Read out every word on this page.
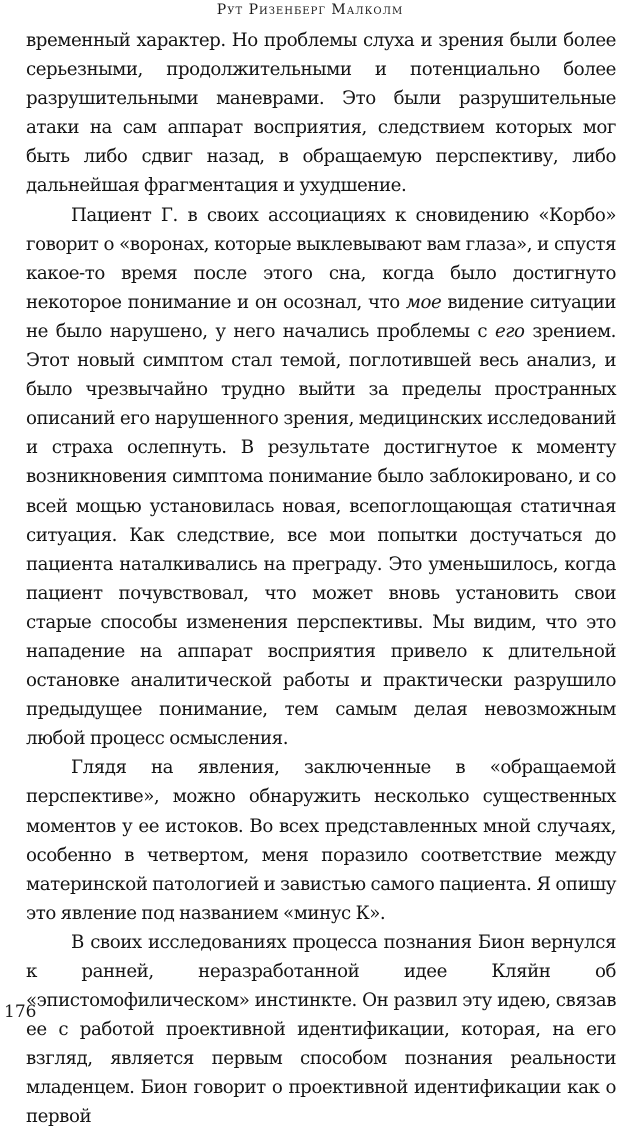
Рут Ризенберг Малколм

временный характер. Но проблемы слуха и зрения были более серьезными, продолжительными и потенциально более разрушительными маневрами. Это были разрушительные атаки на сам аппарат восприятия, следствием которых мог быть либо сдвиг назад, в обращаемую перспективу, либо дальнейшая фрагментация и ухудшение.

Пациент Г. в своих ассоциациях к сновидению «Корбо» говорит о «воронах, которые выклевывают вам глаза», и спустя какое-то время после этого сна, когда было достигнуто некоторое понимание и он осознал, что мое видение ситуации не было нарушено, у него начались проблемы с его зрением. Этот новый симптом стал темой, поглотившей весь анализ, и было чрезвычайно трудно выйти за пределы пространных описаний его нарушенного зрения, медицинских исследований и страха ослепнуть. В результате достигнутое к моменту возникновения симптома понимание было заблокировано, и со всей мощью установилась новая, всепоглощающая статичная ситуация. Как следствие, все мои попытки достучаться до пациента наталкивались на преграду. Это уменьшилось, когда пациент почувствовал, что может вновь установить свои старые способы изменения перспективы. Мы видим, что это нападение на аппарат восприятия привело к длительной остановке аналитической работы и практически разрушило предыдущее понимание, тем самым делая невозможным любой процесс осмысления.

Глядя на явления, заключенные в «обращаемой перспективе», можно обнаружить несколько существенных моментов у ее истоков. Во всех представленных мной случаях, особенно в четвертом, меня поразило соответствие между материнской патологией и завистью самого пациента. Я опишу это явление под названием «минус К».

В своих исследованиях процесса познания Бион вернулся к ранней, неразработанной идее Кляйн об «эпистомофилическом» инстинкте. Он развил эту идею, связав ее с работой проективной идентификации, которая, на его взгляд, является первым способом познания реальности младенцем. Бион говорит о проективной идентификации как о первой

176
